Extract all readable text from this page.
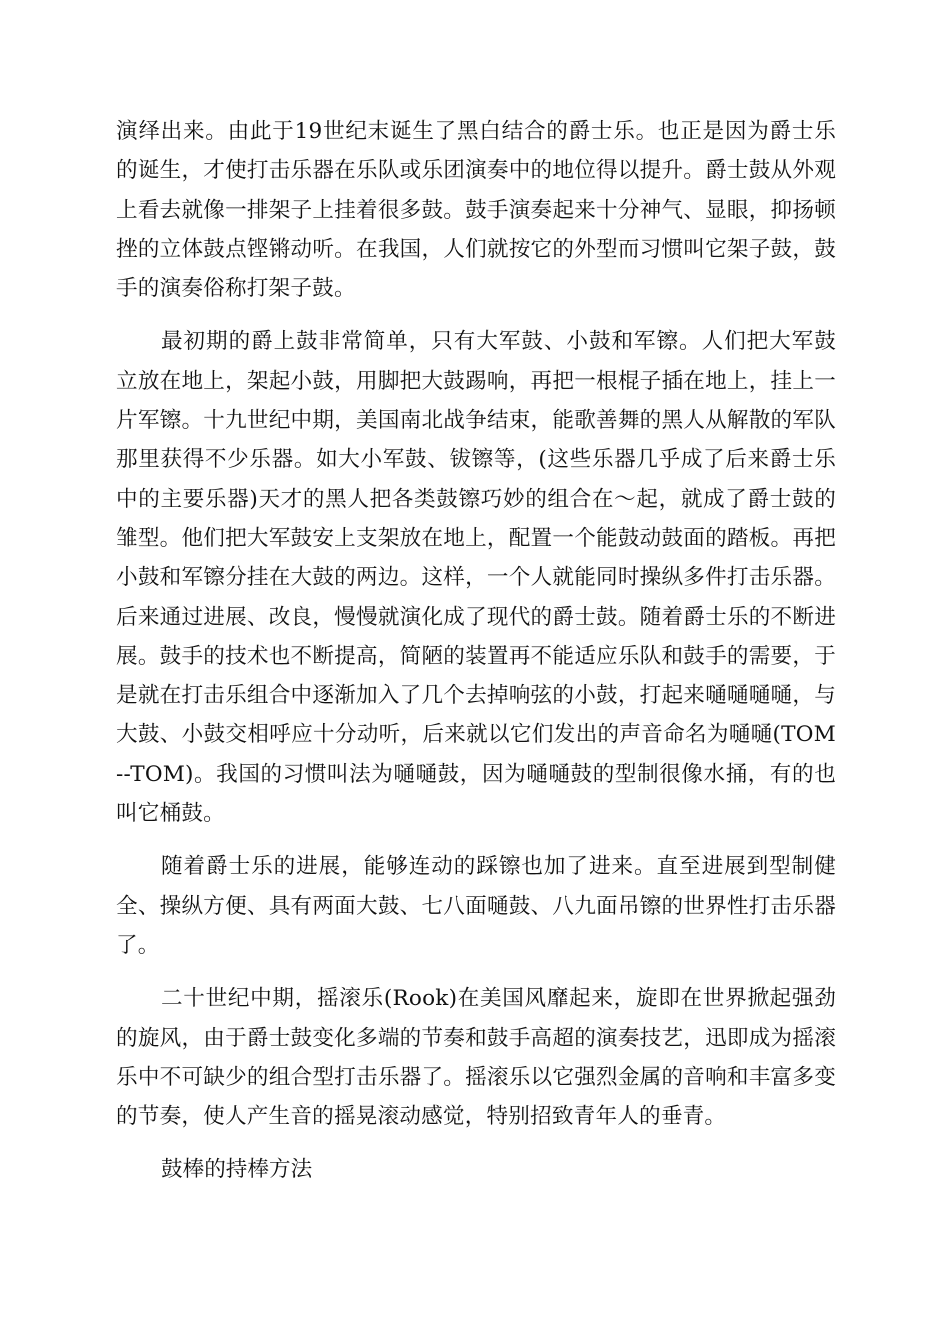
演绎出来。由此于19世纪末诞生了黑白结合的爵士乐。也正是因为爵士乐的诞生，才使打击乐器在乐队或乐团演奏中的地位得以提升。爵士鼓从外观上看去就像一排架子上挂着很多鼓。鼓手演奏起来十分神气、显眼，抑扬顿挫的立体鼓点铿锵动听。在我国，人们就按它的外型而习惯叫它架子鼓，鼓手的演奏俗称打架子鼓。

最初期的爵上鼓非常简单，只有大军鼓、小鼓和军镲。人们把大军鼓立放在地上，架起小鼓，用脚把大鼓踢响，再把一根棍子插在地上，挂上一片军镲。十九世纪中期，美国南北战争结束，能歌善舞的黑人从解散的军队那里获得不少乐器。如大小军鼓、钹镲等，(这些乐器几乎成了后来爵士乐中的主要乐器)天才的黑人把各类鼓镲巧妙的组合在～起，就成了爵士鼓的雏型。他们把大军鼓安上支架放在地上，配置一个能鼓动鼓面的踏板。再把小鼓和军镲分挂在大鼓的两边。这样，一个人就能同时操纵多件打击乐器。后来通过进展、改良，慢慢就演化成了现代的爵士鼓。随着爵士乐的不断进展。鼓手的技术也不断提高，简陋的装置再不能适应乐队和鼓手的需要，于是就在打击乐组合中逐渐加入了几个去掉响弦的小鼓，打起来嗵嗵嗵嗵，与大鼓、小鼓交相呼应十分动听，后来就以它们发出的声音命名为嗵嗵(TOM--TOM)。我国的习惯叫法为嗵嗵鼓，因为嗵嗵鼓的型制很像水捅，有的也叫它桶鼓。

随着爵士乐的进展，能够连动的踩镲也加了进来。直至进展到型制健全、操纵方便、具有两面大鼓、七八面嗵鼓、八九面吊镲的世界性打击乐器了。

二十世纪中期，摇滚乐(Rook)在美国风靡起来，旋即在世界掀起强劲的旋风，由于爵士鼓变化多端的节奏和鼓手高超的演奏技艺，迅即成为摇滚乐中不可缺少的组合型打击乐器了。摇滚乐以它强烈金属的音响和丰富多变的节奏，使人产生音的摇晃滚动感觉，特别招致青年人的垂青。

鼓棒的持棒方法
